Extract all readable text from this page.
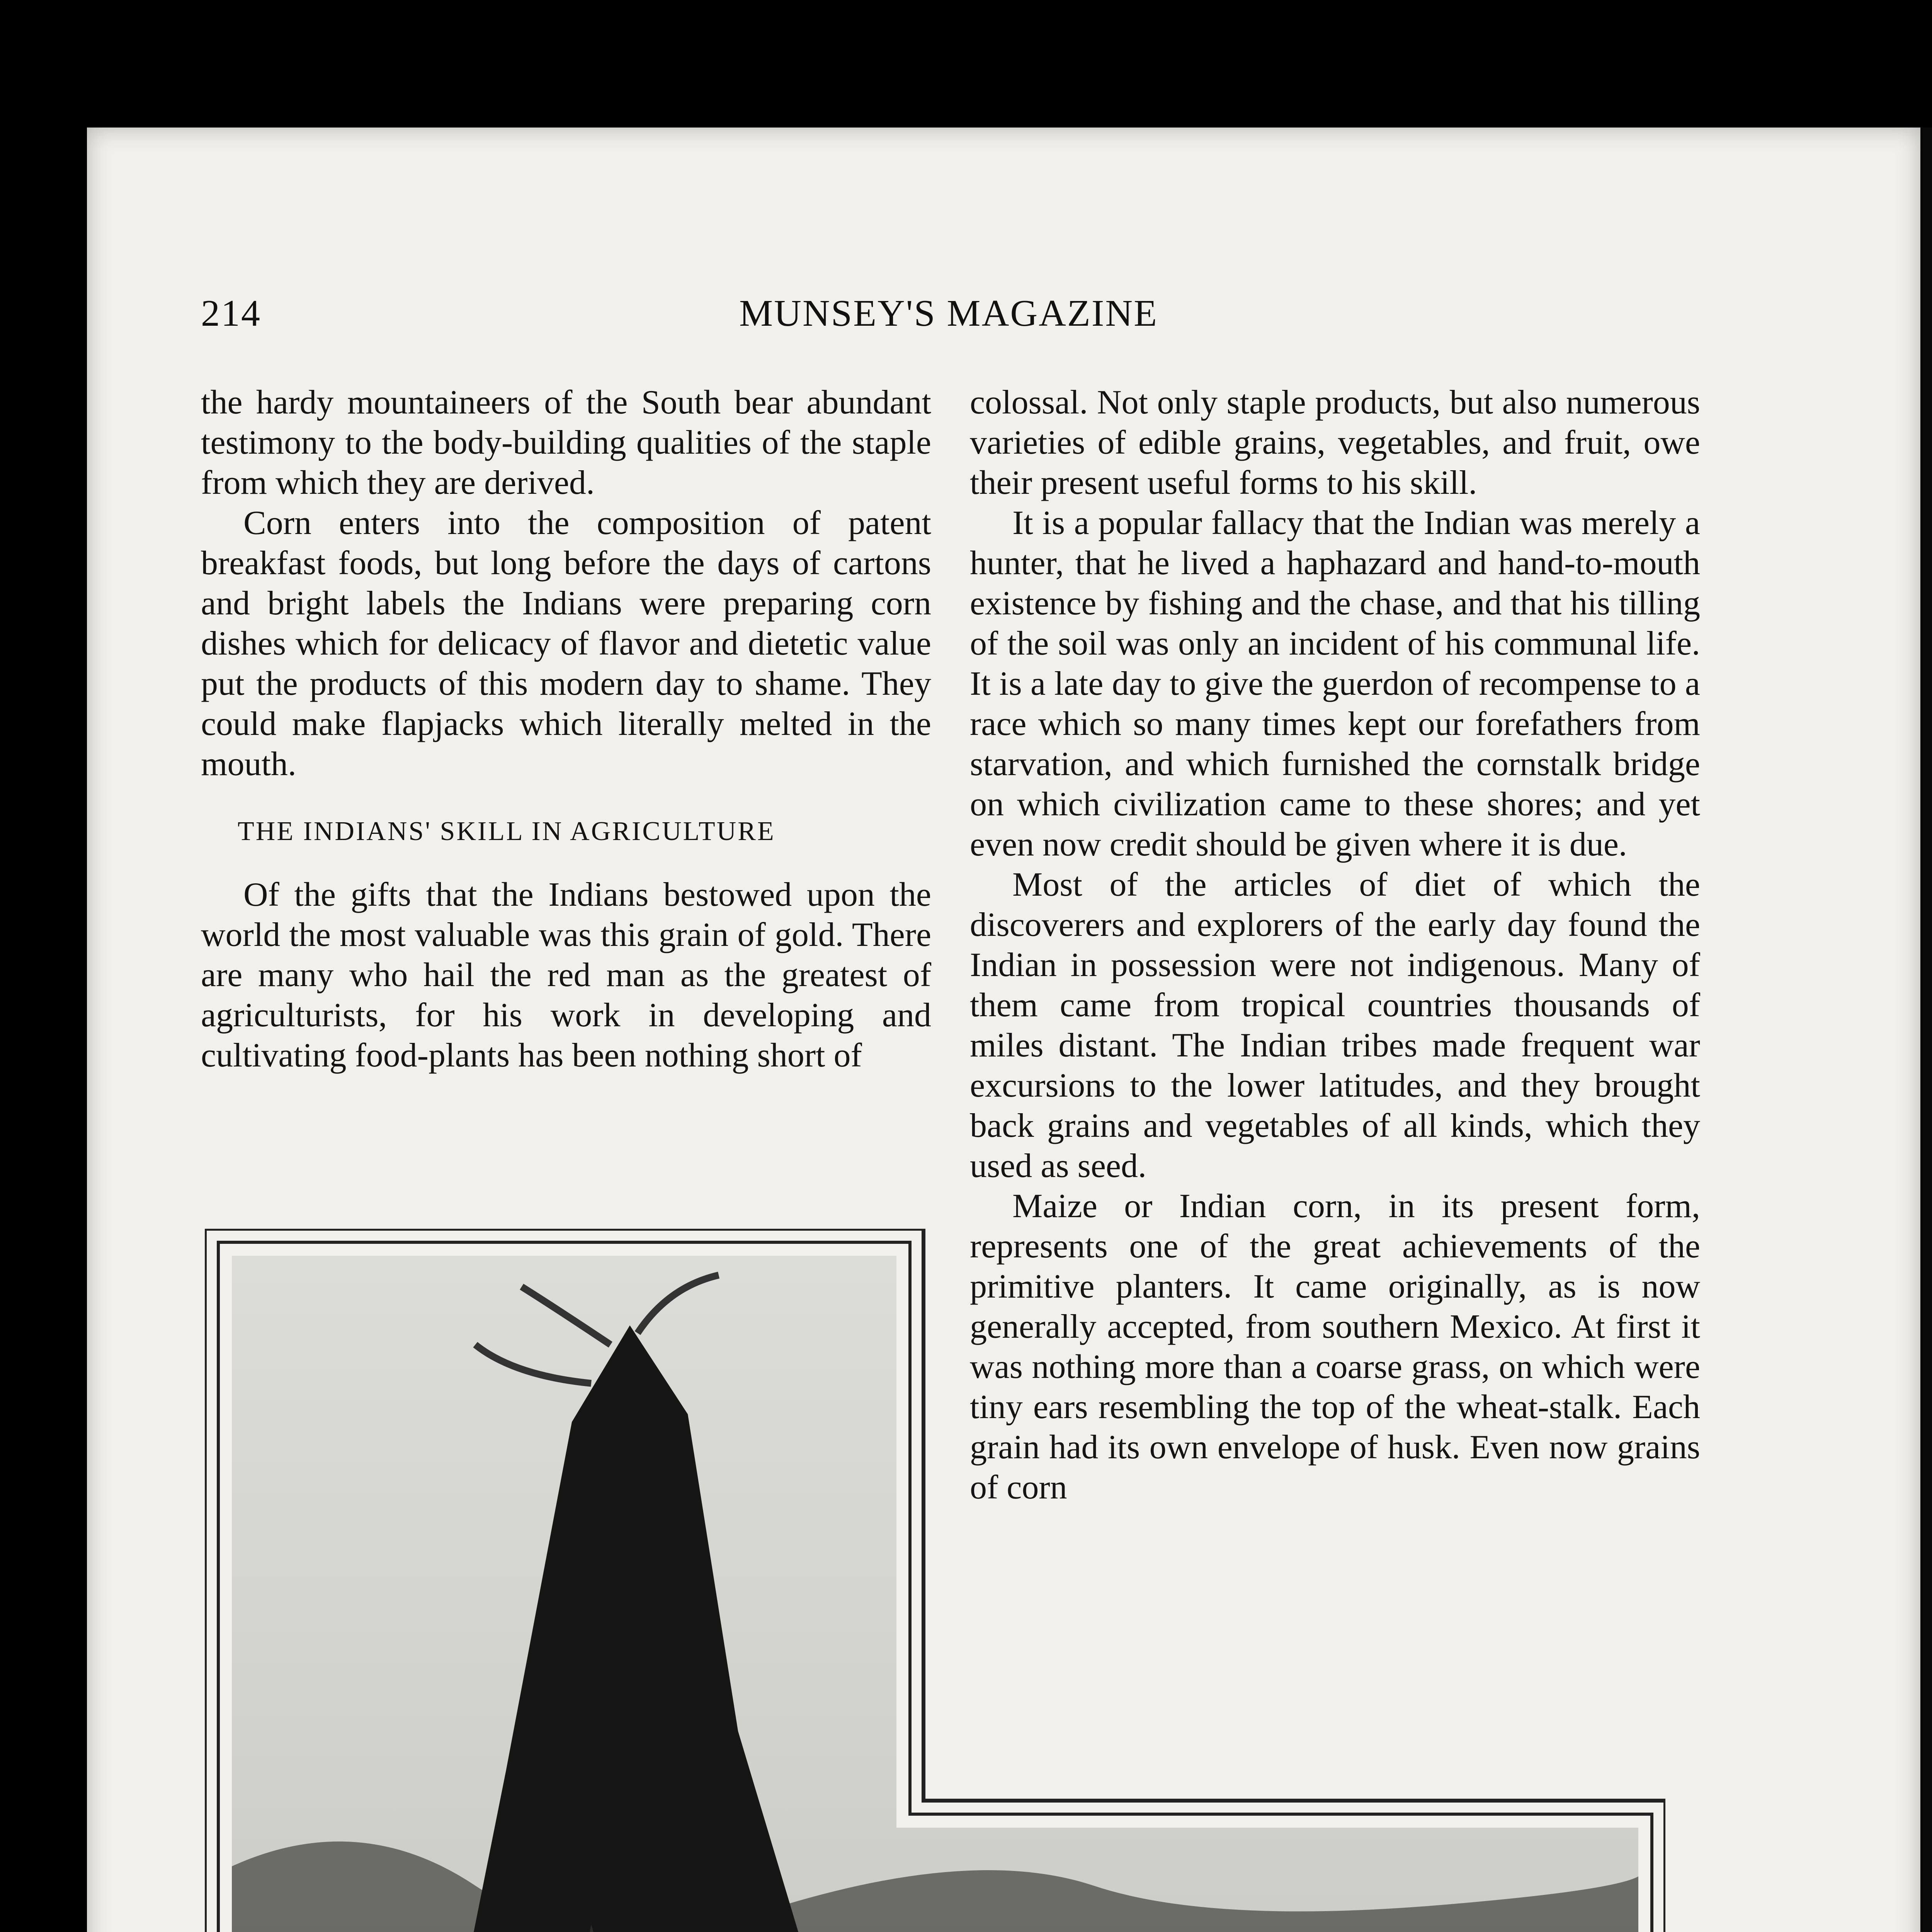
214	MUNSEY'S MAGAZINE

the hardy mountaineers of the South bear abundant testimony to the body-building qualities of the staple from which they are derived.

Corn enters into the composition of patent breakfast foods, but long before the days of cartons and bright labels the Indians were preparing corn dishes which for delicacy of flavor and dietetic value put the products of this modern day to shame. They could make flapjacks which literally melted in the mouth.

THE INDIANS' SKILL IN AGRICULTURE

Of the gifts that the Indians bestowed upon the world the most valuable was this grain of gold. There are many who hail the red man as the greatest of agriculturists, for his work in developing and cultivating food-plants has been nothing short of

colossal. Not only staple products, but also numerous varieties of edible grains, vegetables, and fruit, owe their present useful forms to his skill.

It is a popular fallacy that the Indian was merely a hunter, that he lived a haphazard and hand-to-mouth existence by fishing and the chase, and that his tilling of the soil was only an incident of his communal life. It is a late day to give the guerdon of recompense to a race which so many times kept our forefathers from starvation, and which furnished the cornstalk bridge on which civilization came to these shores; and yet even now credit should be given where it is due.

Most of the articles of diet of which the discoverers and explorers of the early day found the Indian in possession were not indigenous. Many of them came from tropical countries thousands of miles distant. The Indian tribes made frequent war excursions to the lower latitudes, and they brought back grains and vegetables of all kinds, which they used as seed.

Maize or Indian corn, in its present form, represents one of the great achievements of the primitive planters. It came originally, as is now generally accepted, from southern Mexico. At first it was nothing more than a coarse grass, on which were tiny ears resembling the top of the wheat-stalk. Each grain had its own envelope of husk. Even now grains of corn
